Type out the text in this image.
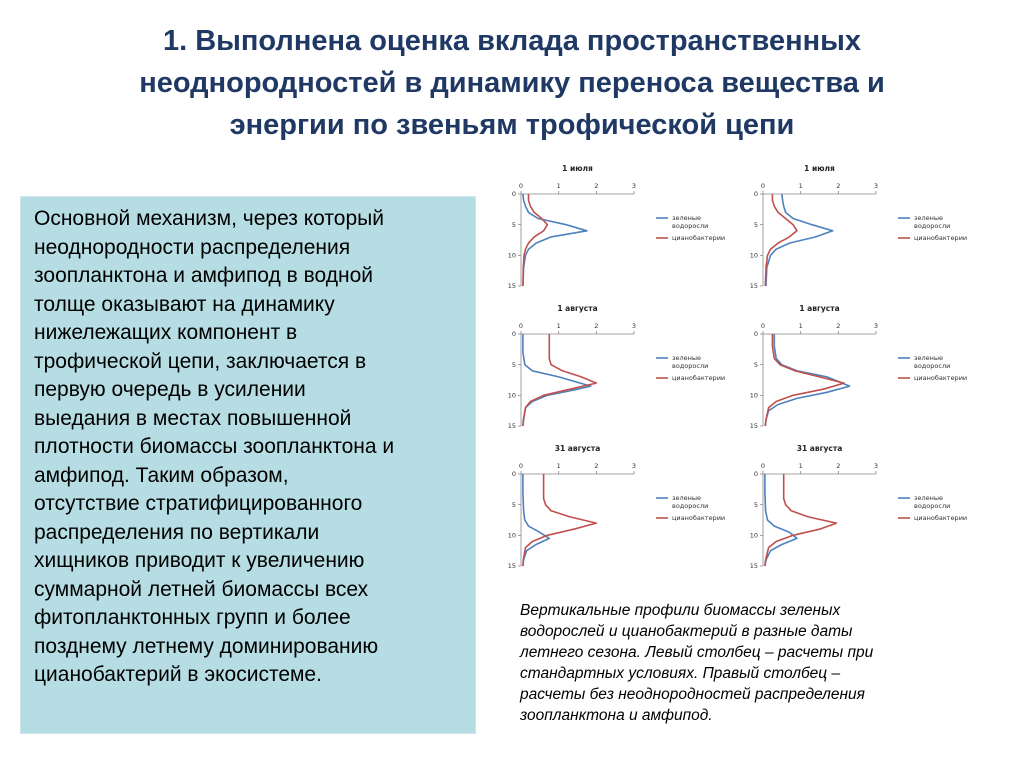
1. Выполнена оценка вклада пространственных
неоднородностей в динамику переноса вещества и
энергии по звеньям трофической цепи
Основной механизм, через который
неоднородности распределения
зоопланктона и амфипод в водной
толще оказывают на динамику
нижележащих компонент в
трофической цепи, заключается в
первую очередь в усилении
выедания в местах повышенной
плотности биомассы зоопланктона и
амфипод. Таким образом,
отсутствие стратифицированного
распределения по вертикали
хищников приводит к увеличению
суммарной летней биомассы всех
фитопланктонных групп и более
позднему летнему доминированию
цианобактерий в экосистеме.
1 июля
0	1	2	3
0
5
10
15
зеленые водоросли
цианобактерии
1 июля
0	1	2	3
0
5
10
15
зеленые водоросли
цианобактерии
1 августа
0	1	2	3
0
5
10
15
зеленые водоросли
цианобактерии
1 августа
0	1	2	3
0
5
10
15
зеленые водоросли
цианобактерии
31 августа
0	1	2	3
0
5
10
15
зеленые водоросли
цианобактерии
31 августа
0	1	2	3
0
5
10
15
зеленые водоросли
цианобактерии
Вертикальные профили биомассы зеленых
водорослей и цианобактерий в разные даты
летнего сезона. Левый столбец – расчеты при
стандартных условиях. Правый столбец –
расчеты без неоднородностей распределения
зоопланктона и амфипод.
